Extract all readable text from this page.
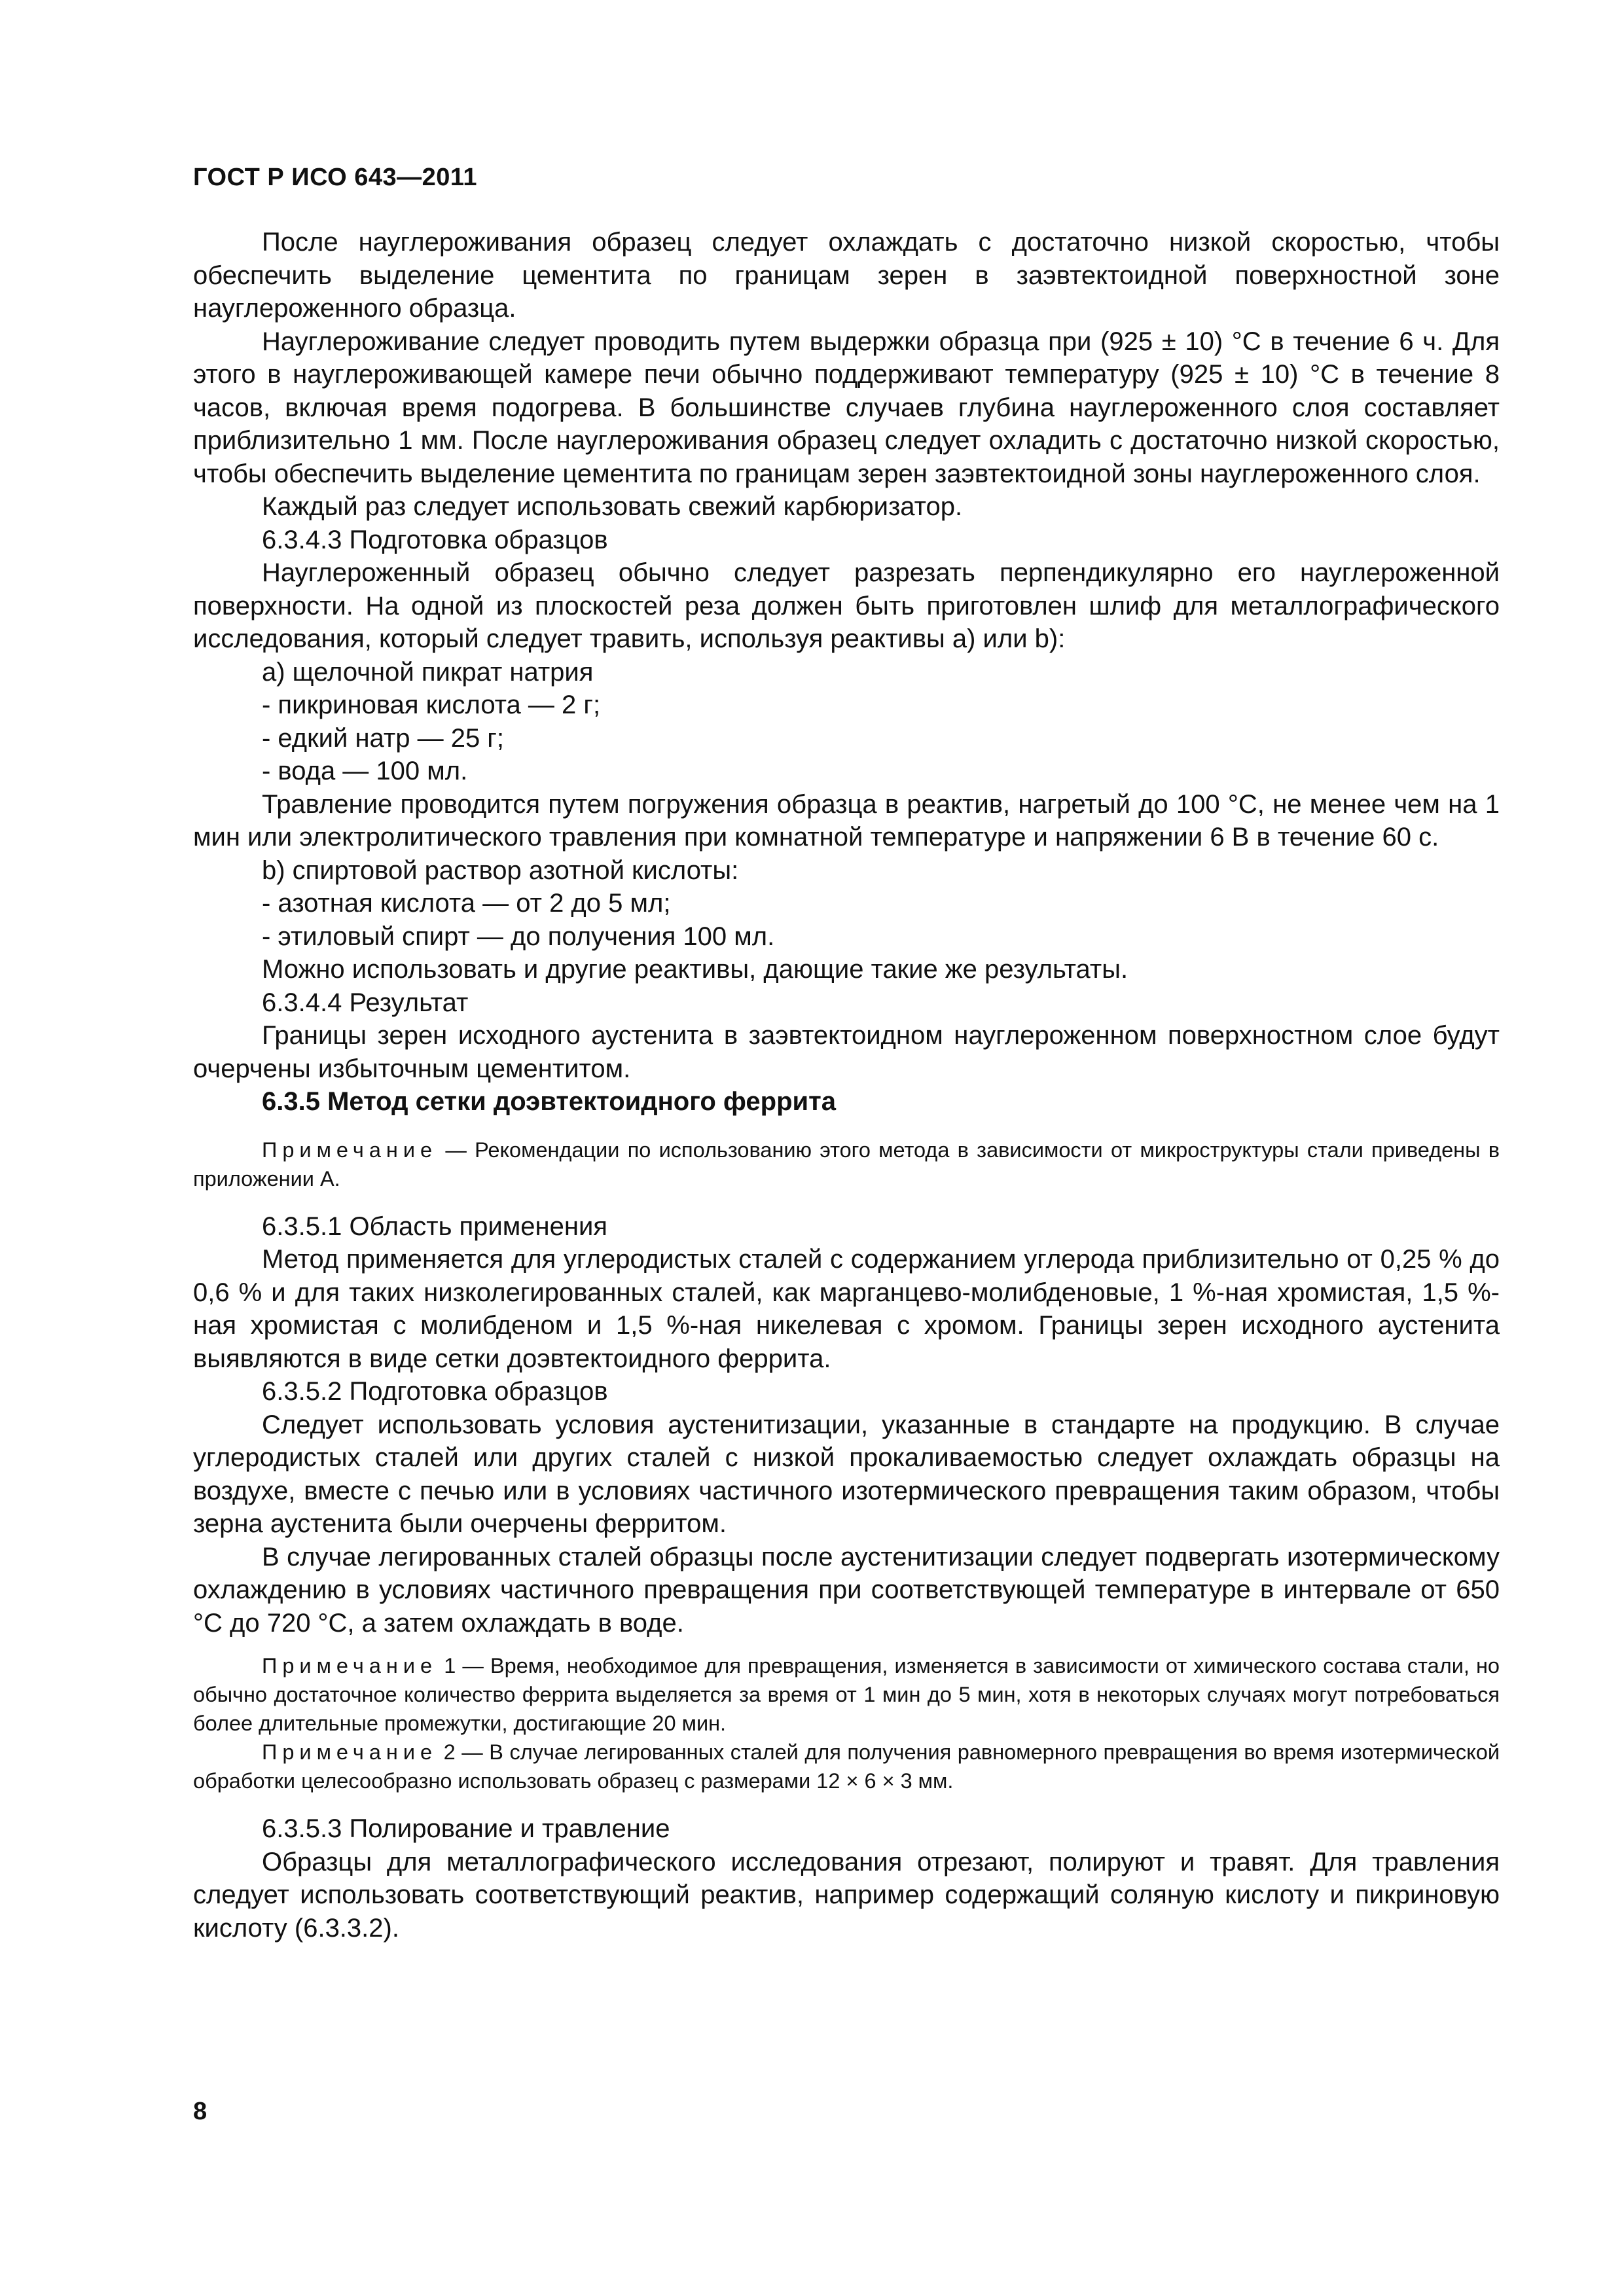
ГОСТ Р ИСО 643—2011

После науглероживания образец следует охлаждать с достаточно низкой скоростью, чтобы обеспечить выделение цементита по границам зерен в заэвтектоидной поверхностной зоне науглероженного образца.

Науглероживание следует проводить путем выдержки образца при (925 ± 10) °С в течение 6 ч. Для этого в науглероживающей камере печи обычно поддерживают температуру (925 ± 10) °С в течение 8 часов, включая время подогрева. В большинстве случаев глубина науглероженного слоя составляет приблизительно 1 мм. После науглероживания образец следует охладить с достаточно низкой скоростью, чтобы обеспечить выделение цементита по границам зерен заэвтектоидной зоны науглероженного слоя.

Каждый раз следует использовать свежий карбюризатор.

6.3.4.3 Подготовка образцов

Науглероженный образец обычно следует разрезать перпендикулярно его науглероженной поверхности. На одной из плоскостей реза должен быть приготовлен шлиф для металлографического исследования, который следует травить, используя реактивы а) или b):

а) щелочной пикрат натрия

- пикриновая кислота — 2 г;

- едкий натр — 25 г;

- вода — 100 мл.

Травление проводится путем погружения образца в реактив, нагретый до 100 °С, не менее чем на 1 мин или электролитического травления при комнатной температуре и напряжении 6 В в течение 60 с.

b) спиртовой раствор азотной кислоты:

- азотная кислота — от 2 до 5 мл;

- этиловый спирт — до получения 100 мл.

Можно использовать и другие реактивы, дающие такие же результаты.

6.3.4.4 Результат

Границы зерен исходного аустенита в заэвтектоидном науглероженном поверхностном слое будут очерчены избыточным цементитом.

6.3.5 Метод сетки доэвтектоидного феррита

Примечание — Рекомендации по использованию этого метода в зависимости от микроструктуры стали приведены в приложении А.

6.3.5.1 Область применения

Метод применяется для углеродистых сталей с содержанием углерода приблизительно от 0,25 % до 0,6 % и для таких низколегированных сталей, как марганцево-молибденовые, 1 %-ная хромистая, 1,5 %-ная хромистая с молибденом и 1,5 %-ная никелевая с хромом. Границы зерен исходного аустенита выявляются в виде сетки доэвтектоидного феррита.

6.3.5.2 Подготовка образцов

Следует использовать условия аустенитизации, указанные в стандарте на продукцию. В случае углеродистых сталей или других сталей с низкой прокаливаемостью следует охлаждать образцы на воздухе, вместе с печью или в условиях частичного изотермического превращения таким образом, чтобы зерна аустенита были очерчены ферритом.

В случае легированных сталей образцы после аустенитизации следует подвергать изотермическому охлаждению в условиях частичного превращения при соответствующей температуре в интервале от 650 °С до 720 °С, а затем охлаждать в воде.

Примечание 1 — Время, необходимое для превращения, изменяется в зависимости от химического состава стали, но обычно достаточное количество феррита выделяется за время от 1 мин до 5 мин, хотя в некоторых случаях могут потребоваться более длительные промежутки, достигающие 20 мин.

Примечание 2 — В случае легированных сталей для получения равномерного превращения во время изотермической обработки целесообразно использовать образец с размерами 12 × 6 × 3 мм.

6.3.5.3 Полирование и травление

Образцы для металлографического исследования отрезают, полируют и травят. Для травления следует использовать соответствующий реактив, например содержащий соляную кислоту и пикриновую кислоту (6.3.3.2).

8
